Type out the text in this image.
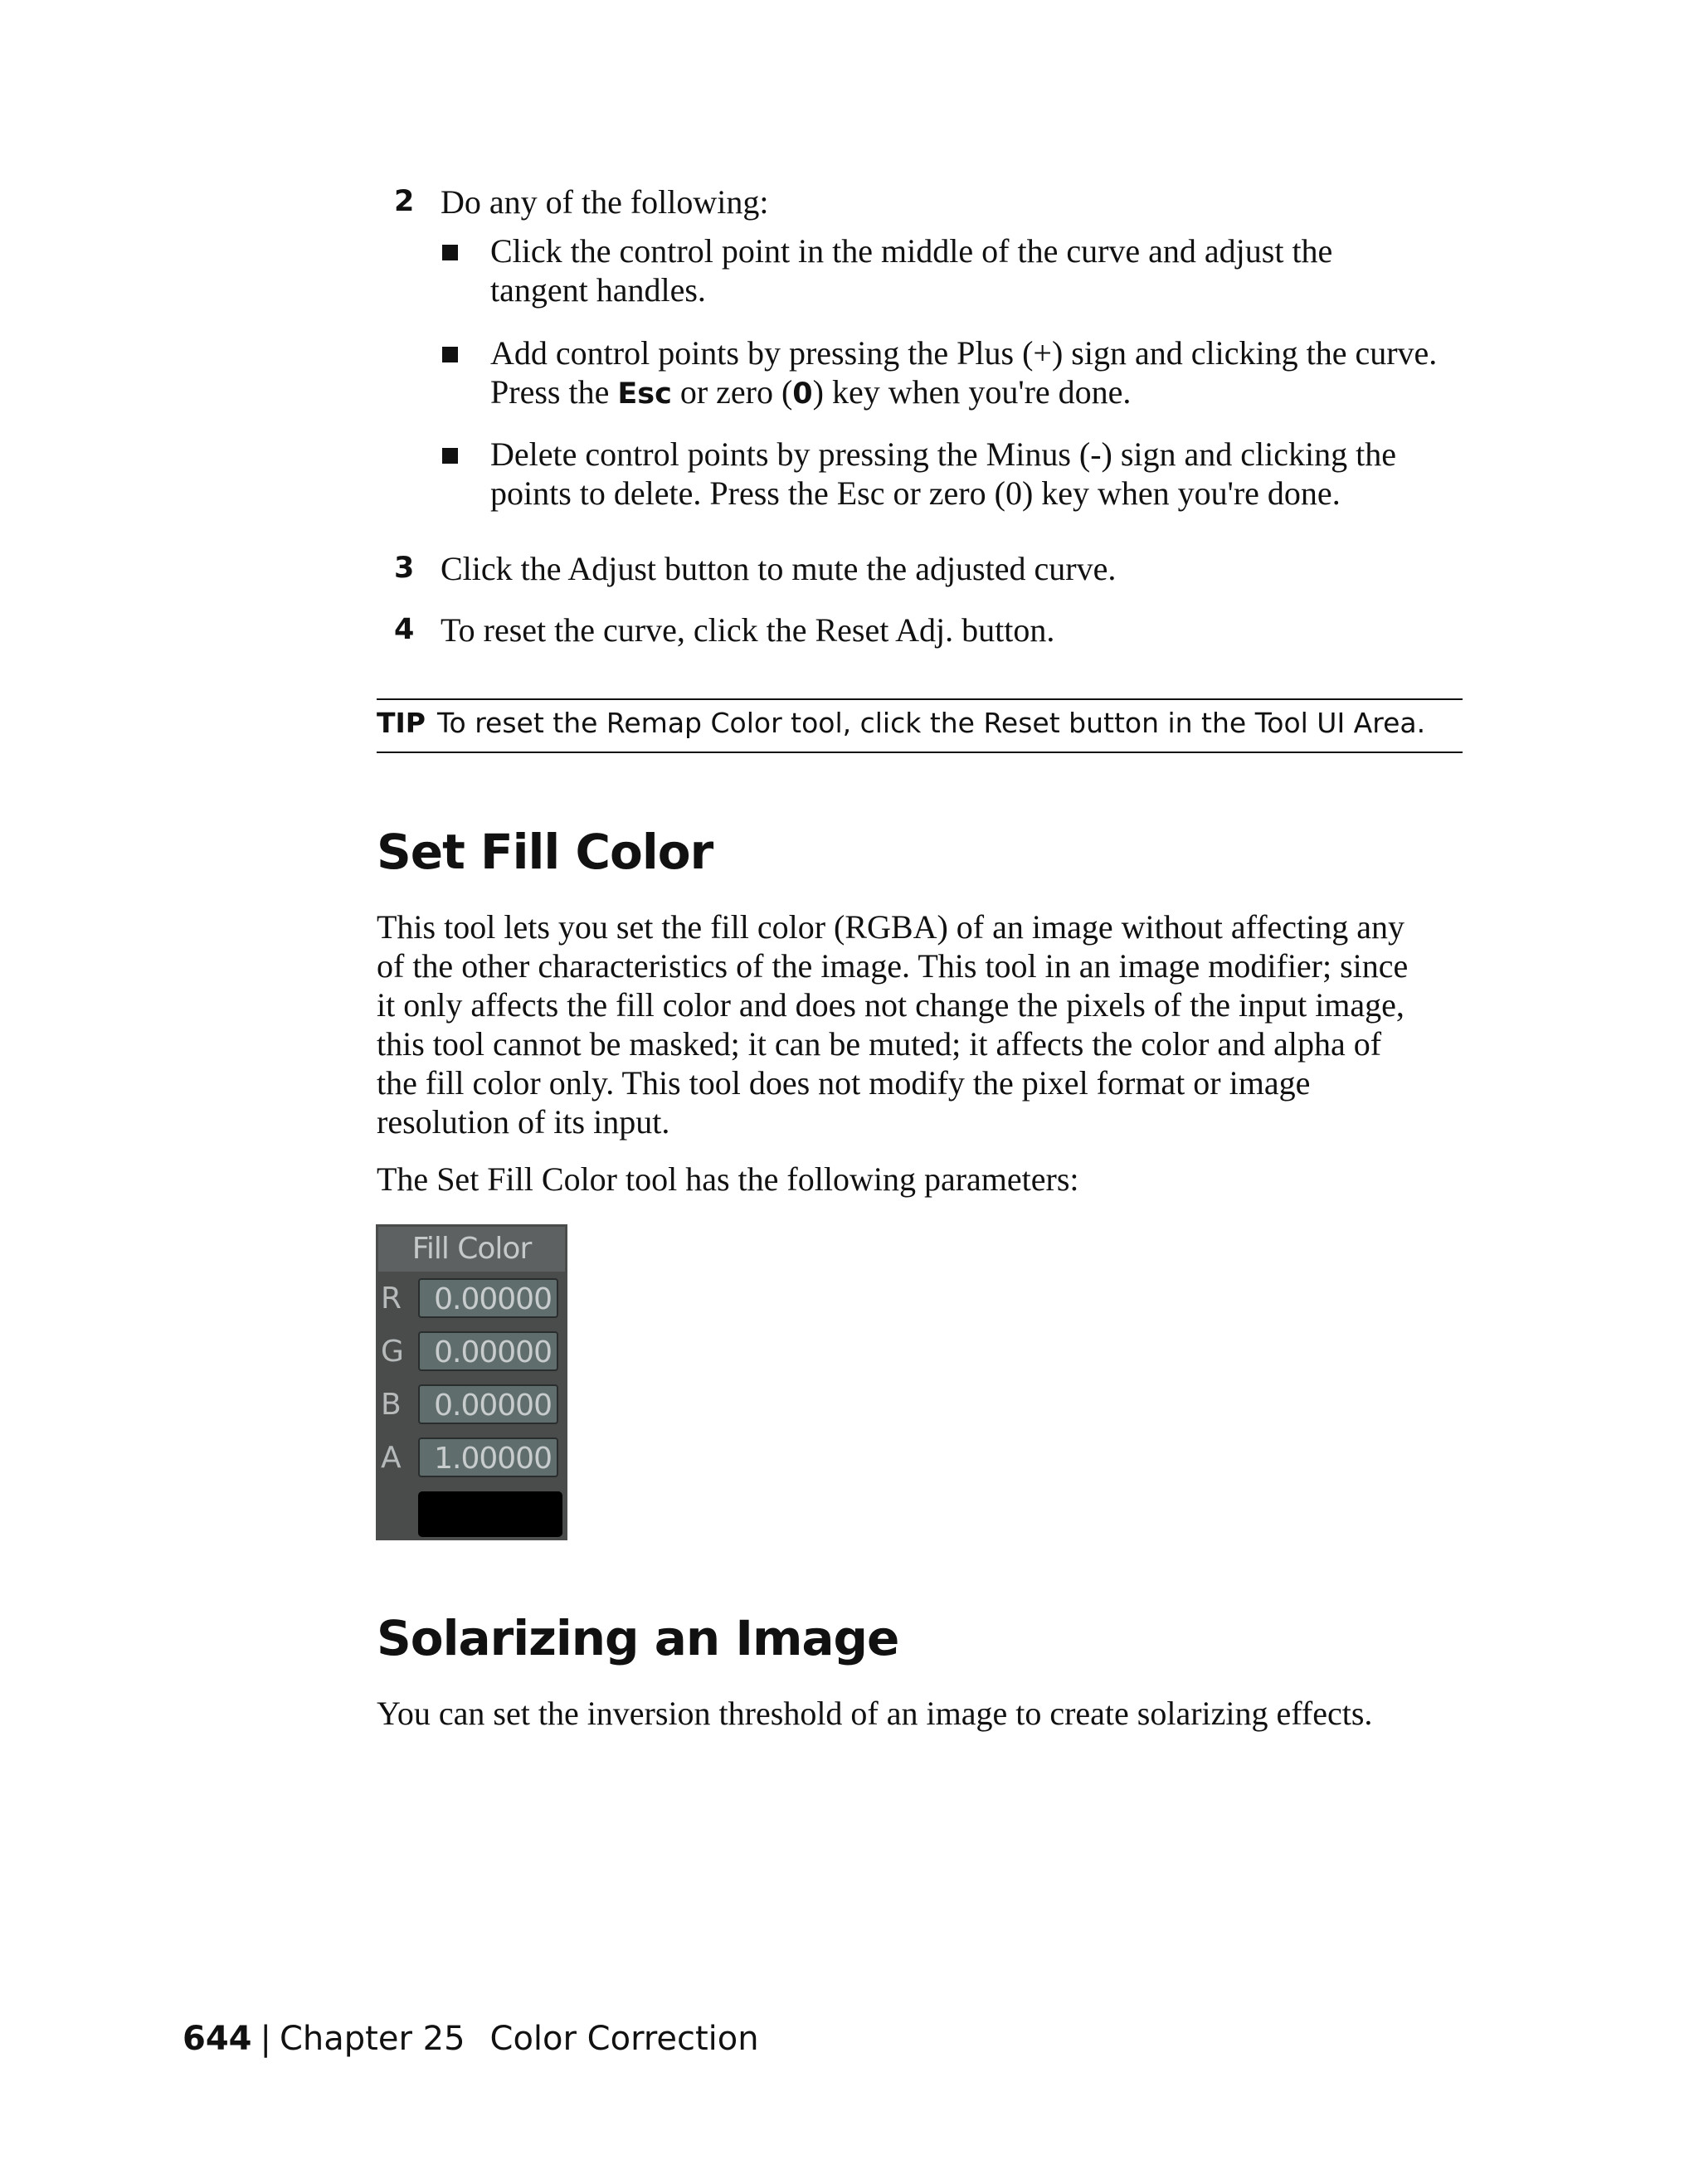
2 Do any of the following:
Click the control point in the middle of the curve and adjust the
tangent handles.
Add control points by pressing the Plus (+) sign and clicking the curve.
Press the Esc or zero (0) key when you're done.
Delete control points by pressing the Minus (-) sign and clicking the
points to delete. Press the Esc or zero (0) key when you're done.
3 Click the Adjust button to mute the adjusted curve.
4 To reset the curve, click the Reset Adj. button.
TIP To reset the Remap Color tool, click the Reset button in the Tool UI Area.
Set Fill Color
This tool lets you set the fill color (RGBA) of an image without affecting any
of the other characteristics of the image. This tool in an image modifier; since
it only affects the fill color and does not change the pixels of the input image,
this tool cannot be masked; it can be muted; it affects the color and alpha of
the fill color only. This tool does not modify the pixel format or image
resolution of its input.
The Set Fill Color tool has the following parameters:
Fill Color
R	0.00000
G	0.00000
B	0.00000
A	1.00000
Solarizing an Image
You can set the inversion threshold of an image to create solarizing effects.
644 | Chapter 25 Color Correction
